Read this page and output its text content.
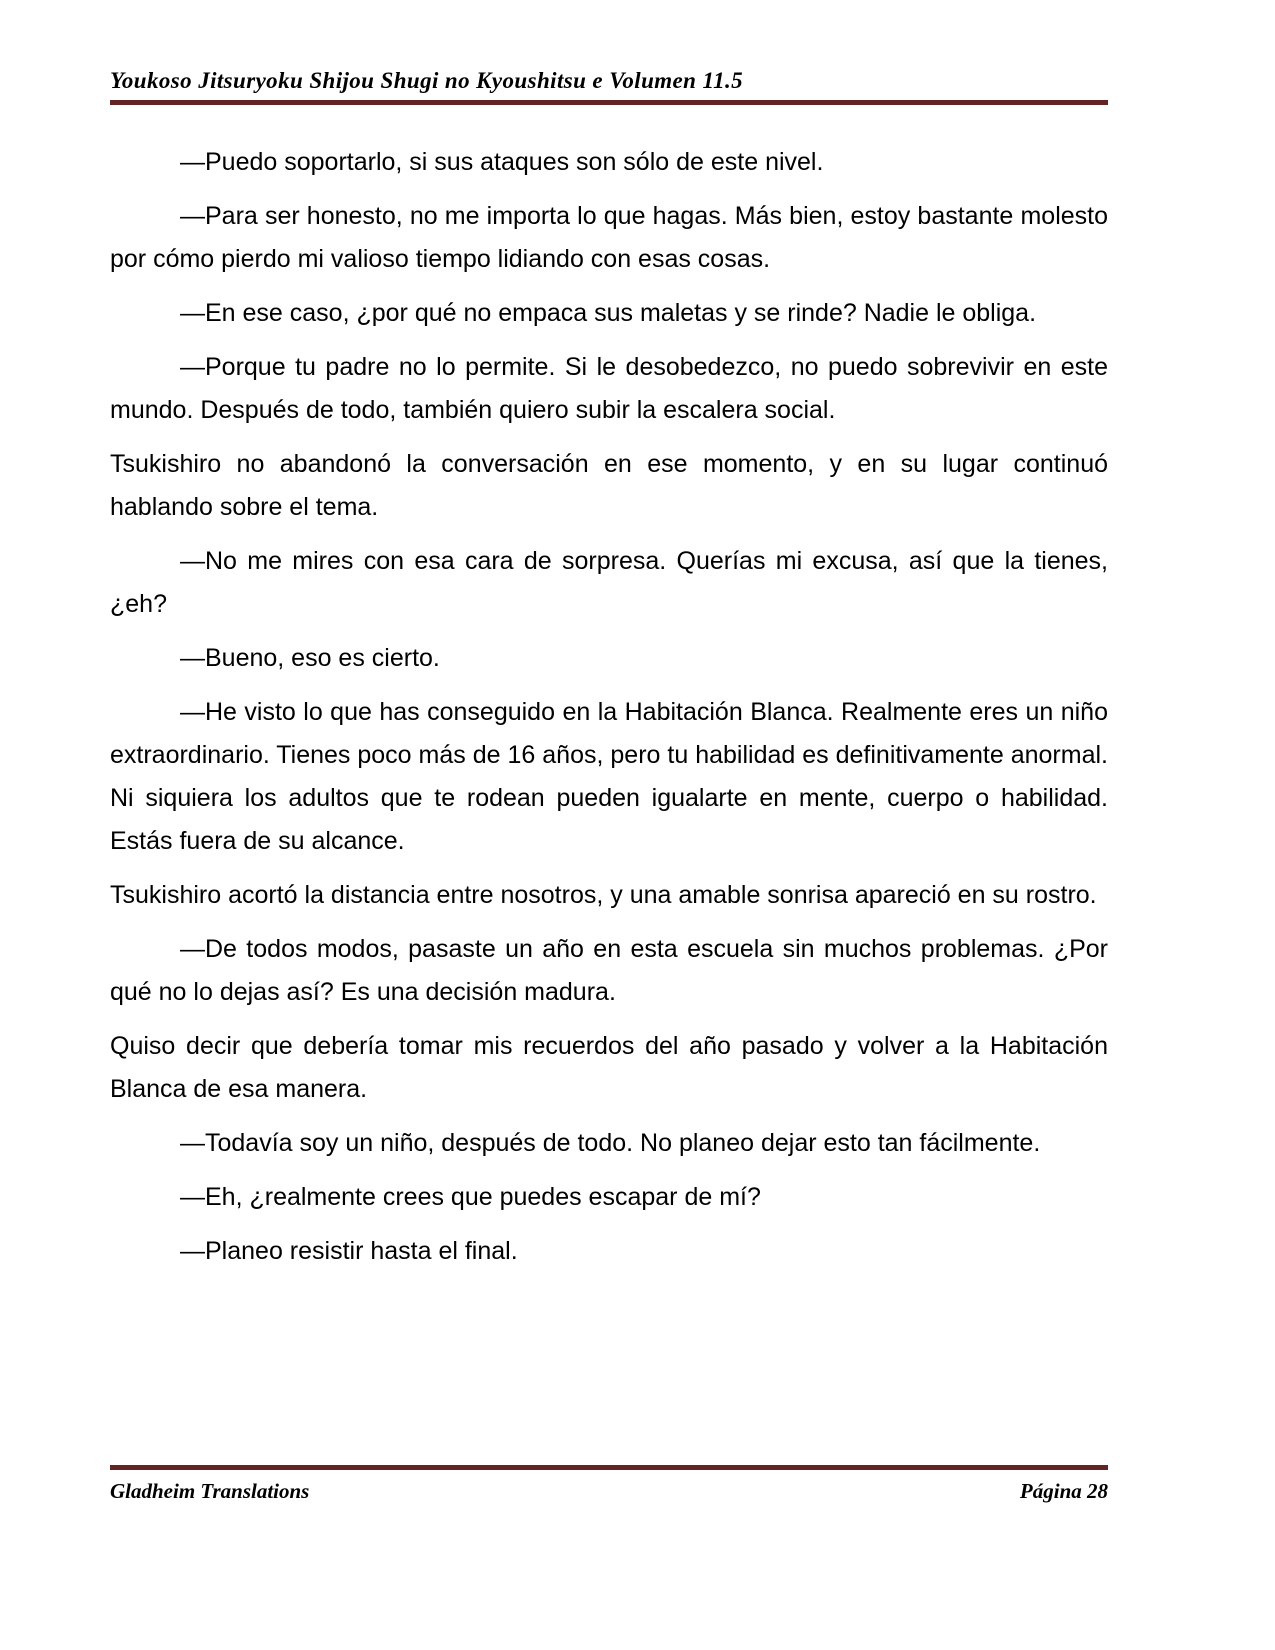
Youkoso Jitsuryoku Shijou Shugi no Kyoushitsu e Volumen 11.5

—Puedo soportarlo, si sus ataques son sólo de este nivel.

—Para ser honesto, no me importa lo que hagas. Más bien, estoy bastante molesto por cómo pierdo mi valioso tiempo lidiando con esas cosas.

—En ese caso, ¿por qué no empaca sus maletas y se rinde? Nadie le obliga.

—Porque tu padre no lo permite. Si le desobedezco, no puedo sobrevivir en este mundo. Después de todo, también quiero subir la escalera social.

Tsukishiro no abandonó la conversación en ese momento, y en su lugar continuó hablando sobre el tema.

—No me mires con esa cara de sorpresa. Querías mi excusa, así que la tienes, ¿eh?

—Bueno, eso es cierto.

—He visto lo que has conseguido en la Habitación Blanca. Realmente eres un niño extraordinario. Tienes poco más de 16 años, pero tu habilidad es definitivamente anormal. Ni siquiera los adultos que te rodean pueden igualarte en mente, cuerpo o habilidad. Estás fuera de su alcance.

Tsukishiro acortó la distancia entre nosotros, y una amable sonrisa apareció en su rostro.

—De todos modos, pasaste un año en esta escuela sin muchos problemas. ¿Por qué no lo dejas así? Es una decisión madura.

Quiso decir que debería tomar mis recuerdos del año pasado y volver a la Habitación Blanca de esa manera.

—Todavía soy un niño, después de todo. No planeo dejar esto tan fácilmente.

—Eh, ¿realmente crees que puedes escapar de mí?

—Planeo resistir hasta el final.

Gladheim Translations	Página 28
